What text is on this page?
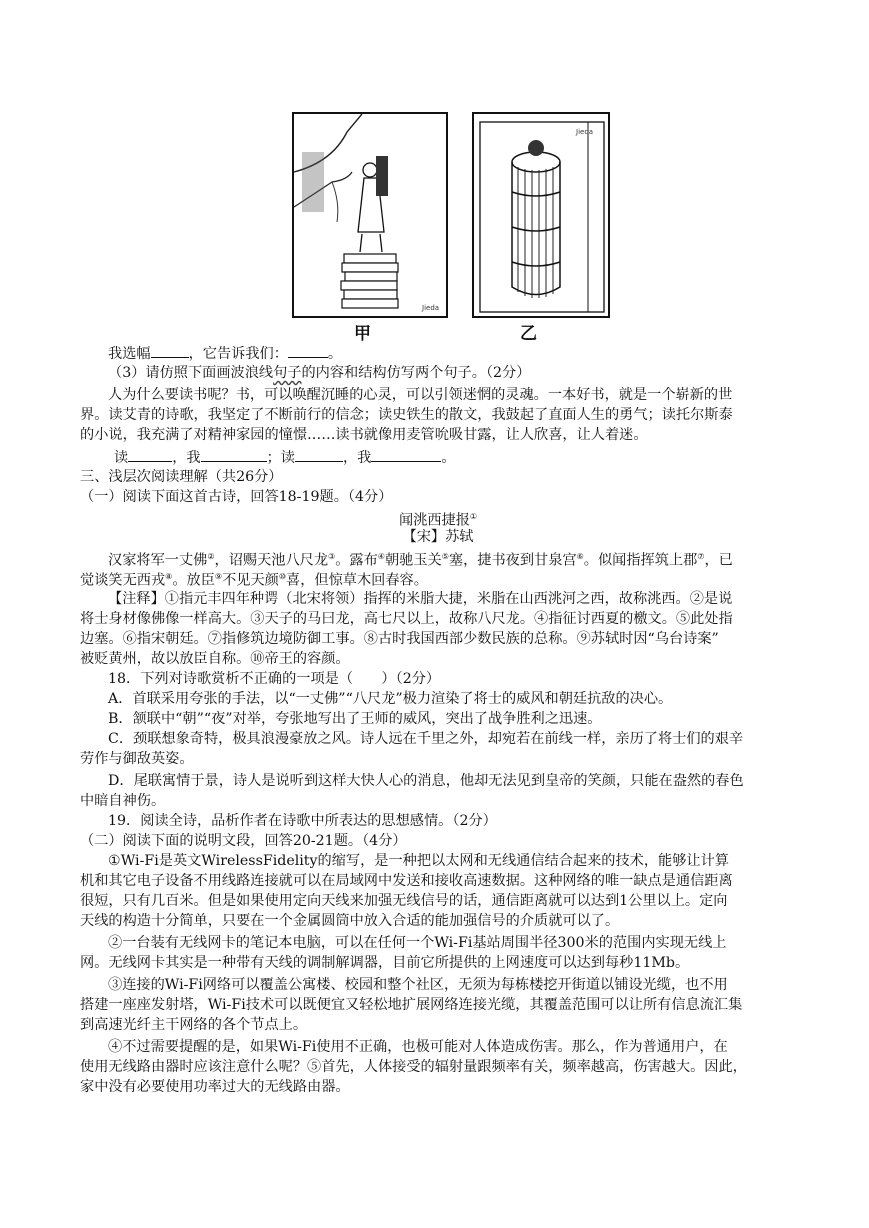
Jieda
甲
Jieda
乙
我选幅	，它告诉我们：	。
（3）请仿照下面画波浪线句子的内容和结构仿写两个句子。（2分）
人为什么要读书呢？书，可以唤醒沉睡的心灵，可以引领迷惘的灵魂。一本好书，就是一个崭新的世
界。读艾青的诗歌，我坚定了不断前行的信念；读史铁生的散文，我鼓起了直面人生的勇气；读托尔斯泰
的小说，我充满了对精神家园的憧憬……读书就像用麦管吮吸甘露，让人欣喜，让人着迷。
读	，我	；读	，我	。
三、浅层次阅读理解（共26分）
（一）阅读下面这首古诗，回答18-19题。（4分）
闻洮西捷报①
【宋】苏轼
汉家将军一丈佛②，诏赐天池八尺龙③。露布④朝驰玉关⑤塞，捷书夜到甘泉宫⑥。似闻指挥筑上郡⑦，已
觉谈笑无西戎⑧。放臣⑨不见天颜⑩喜，但惊草木回春容。
【注释】①指元丰四年种谔（北宋将领）指挥的米脂大捷，米脂在山西洮河之西，故称洮西。②是说
将士身材像佛像一样高大。③天子的马曰龙，高七尺以上，故称八尺龙。④指征讨西夏的檄文。⑤此处指
边塞。⑥指宋朝廷。⑦指修筑边境防御工事。⑧古时我国西部少数民族的总称。⑨苏轼时因“乌台诗案”
被贬黄州，故以放臣自称。⑩帝王的容颜。
18．下列对诗歌赏析不正确的一项是（　　）（2分）
A．首联采用夸张的手法，以“一丈佛”“八尺龙”极力渲染了将士的威风和朝廷抗敌的决心。
B．颔联中“朝”“夜”对举，夸张地写出了王师的威风，突出了战争胜利之迅速。
C．颈联想象奇特，极具浪漫豪放之风。诗人远在千里之外，却宛若在前线一样，亲历了将士们的艰辛
劳作与御敌英姿。
D．尾联寓情于景，诗人是说听到这样大快人心的消息，他却无法见到皇帝的笑颜，只能在盎然的春色
中暗自神伤。
19．阅读全诗，品析作者在诗歌中所表达的思想感情。（2分）
（二）阅读下面的说明文段，回答20-21题。（4分）
①Wi-Fi是英文WirelessFidelity的缩写，是一种把以太网和无线通信结合起来的技术，能够让计算
机和其它电子设备不用线路连接就可以在局域网中发送和接收高速数据。这种网络的唯一缺点是通信距离
很短，只有几百米。但是如果使用定向天线来加强无线信号的话，通信距离就可以达到1公里以上。定向
天线的构造十分简单，只要在一个金属圆筒中放入合适的能加强信号的介质就可以了。
②一台装有无线网卡的笔记本电脑，可以在任何一个Wi-Fi基站周围半径300米的范围内实现无线上
网。无线网卡其实是一种带有天线的调制解调器，目前它所提供的上网速度可以达到每秒11Mb。
③连接的Wi-Fi网络可以覆盖公寓楼、校园和整个社区，无须为每栋楼挖开街道以铺设光缆，也不用
搭建一座座发射塔，Wi-Fi技术可以既便宜又轻松地扩展网络连接光缆，其覆盖范围可以让所有信息流汇集
到高速光纤主干网络的各个节点上。
④不过需要提醒的是，如果Wi-Fi使用不正确，也极可能对人体造成伤害。那么，作为普通用户，在
使用无线路由器时应该注意什么呢？⑤首先，人体接受的辐射量跟频率有关，频率越高，伤害越大。因此，
家中没有必要使用功率过大的无线路由器。
